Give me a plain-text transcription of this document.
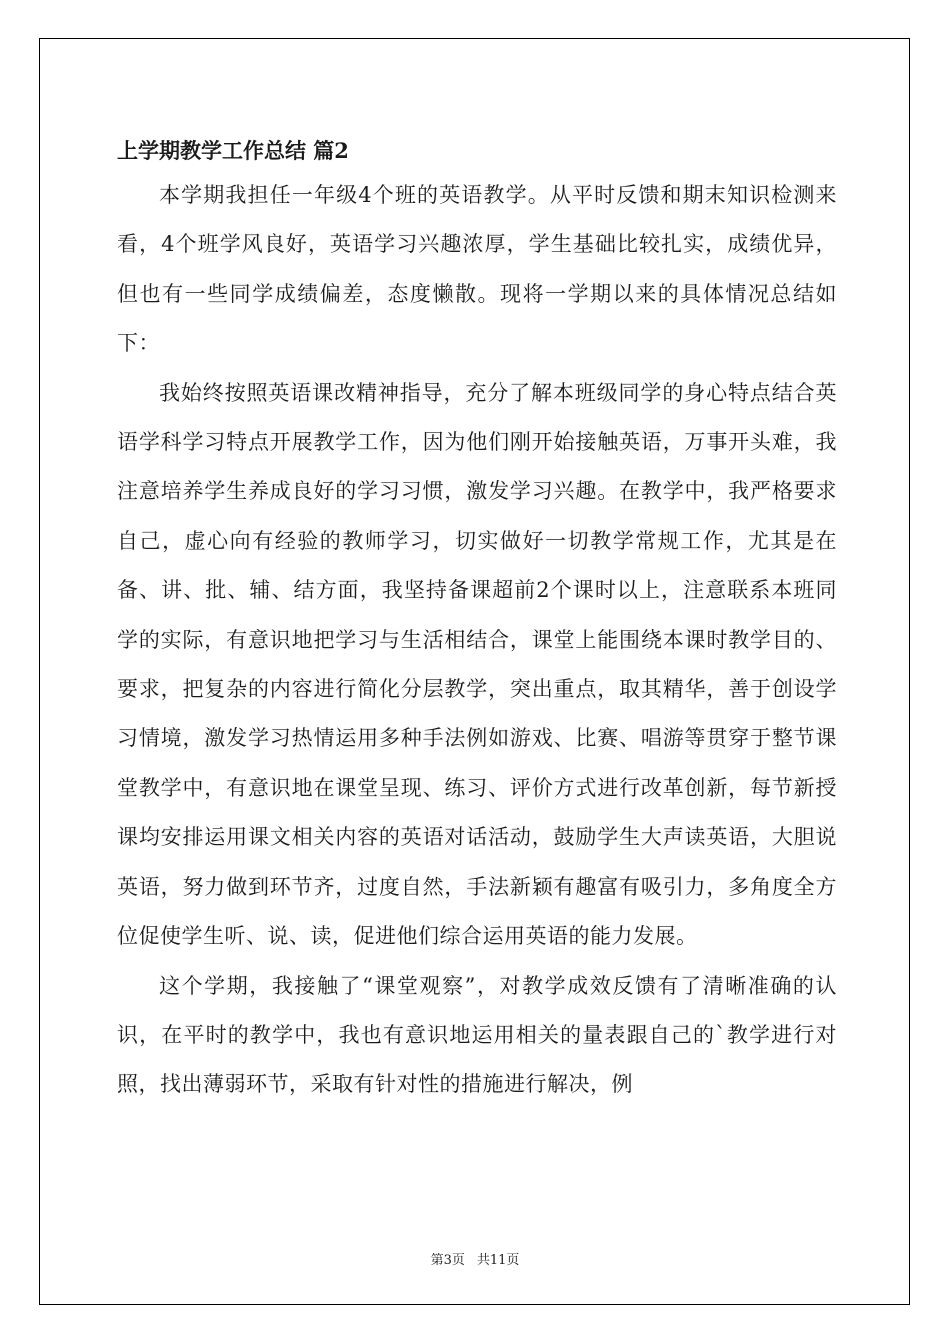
上学期教学工作总结 篇2

本学期我担任一年级4个班的英语教学。从平时反馈和期末知识检测来看，4个班学风良好，英语学习兴趣浓厚，学生基础比较扎实，成绩优异，但也有一些同学成绩偏差，态度懒散。现将一学期以来的具体情况总结如下：

我始终按照英语课改精神指导，充分了解本班级同学的身心特点结合英语学科学习特点开展教学工作，因为他们刚开始接触英语，万事开头难，我注意培养学生养成良好的学习习惯，激发学习兴趣。在教学中，我严格要求自己，虚心向有经验的教师学习，切实做好一切教学常规工作，尤其是在备、讲、批、辅、结方面，我坚持备课超前2个课时以上，注意联系本班同学的实际，有意识地把学习与生活相结合，课堂上能围绕本课时教学目的、要求，把复杂的内容进行简化分层教学，突出重点，取其精华，善于创设学习情境，激发学习热情运用多种手法例如游戏、比赛、唱游等贯穿于整节课堂教学中，有意识地在课堂呈现、练习、评价方式进行改革创新，每节新授课均安排运用课文相关内容的英语对话活动，鼓励学生大声读英语，大胆说英语，努力做到环节齐，过度自然，手法新颖有趣富有吸引力，多角度全方位促使学生听、说、读，促进他们综合运用英语的能力发展。

这个学期，我接触了“课堂观察”，对教学成效反馈有了清晰准确的认识，在平时的教学中，我也有意识地运用相关的量表跟自己的`教学进行对照，找出薄弱环节，采取有针对性的措施进行解决，例

第3页 共11页
